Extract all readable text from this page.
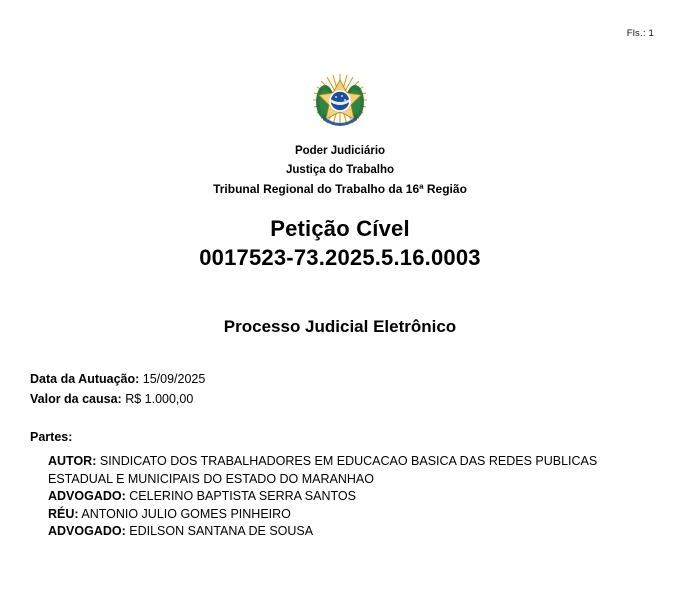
Fls.: 1
Poder Judiciário
Justiça do Trabalho
Tribunal Regional do Trabalho da 16ª Região
Petição Cível
0017523-73.2025.5.16.0003
Processo Judicial Eletrônico
Data da Autuação: 15/09/2025
Valor da causa: R$ 1.000,00
Partes:
AUTOR: SINDICATO DOS TRABALHADORES EM EDUCACAO BASICA DAS REDES PUBLICAS ESTADUAL E MUNICIPAIS DO ESTADO DO MARANHAO
ADVOGADO: CELERINO BAPTISTA SERRA SANTOS
RÉU: ANTONIO JULIO GOMES PINHEIRO
ADVOGADO: EDILSON SANTANA DE SOUSA
